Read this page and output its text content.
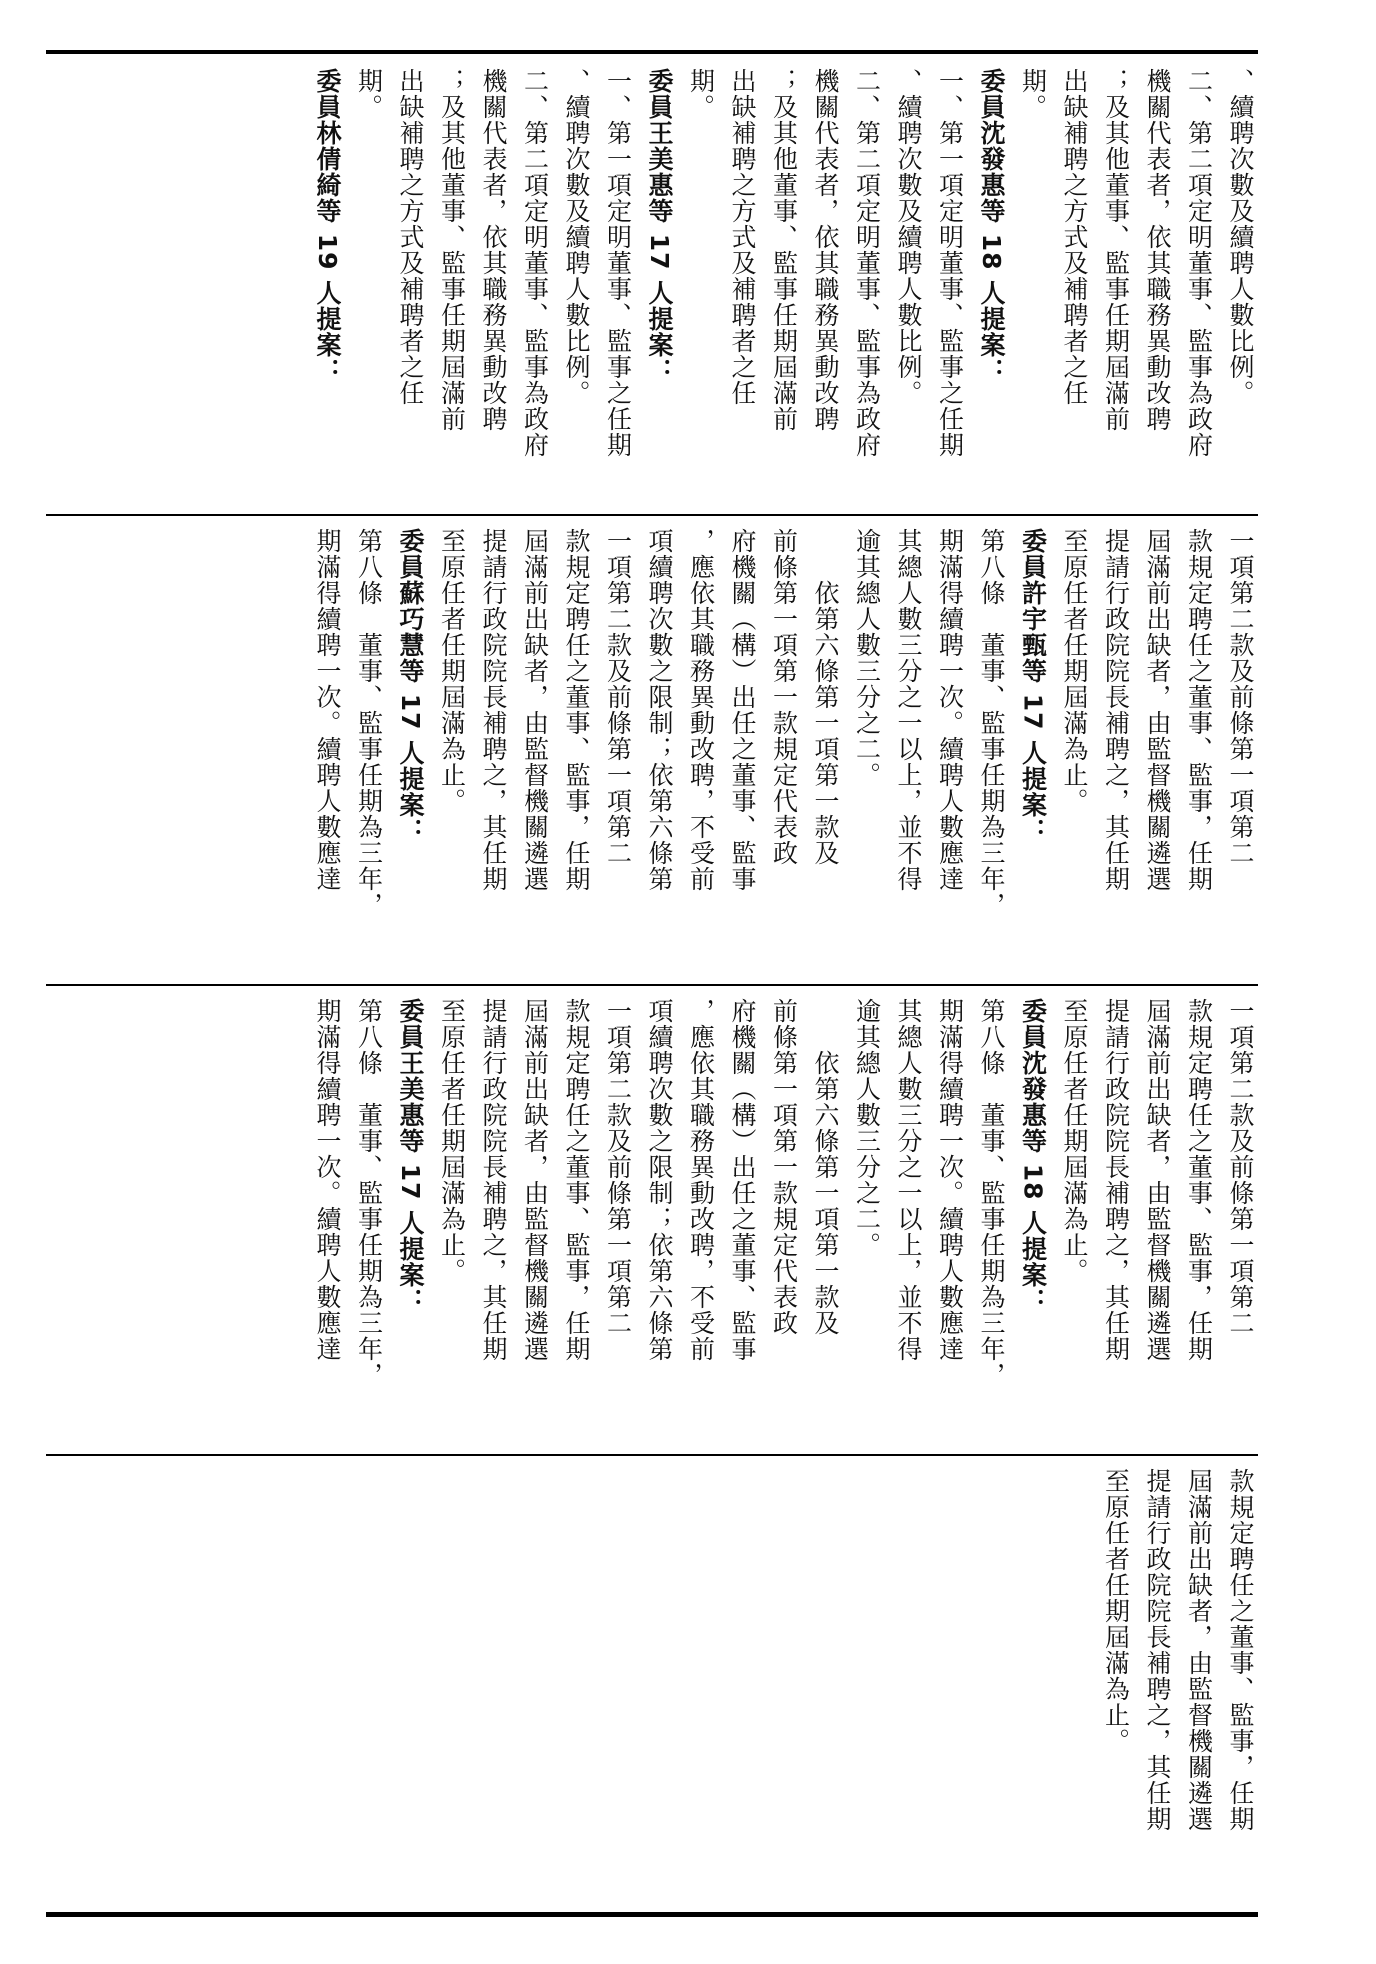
、續聘次數及續聘人數比例。
二、第二項定明董事、監事為政府
機關代表者，依其職務異動改聘
；及其他董事、監事任期屆滿前
出缺補聘之方式及補聘者之任
期。
委員沈發惠等 18 人提案：
一、第一項定明董事、監事之任期
、續聘次數及續聘人數比例。
二、第二項定明董事、監事為政府
機關代表者，依其職務異動改聘
；及其他董事、監事任期屆滿前
出缺補聘之方式及補聘者之任
期。
委員王美惠等 17 人提案：
一、第一項定明董事、監事之任期
、續聘次數及續聘人數比例。
二、第二項定明董事、監事為政府
機關代表者，依其職務異動改聘
；及其他董事、監事任期屆滿前
出缺補聘之方式及補聘者之任
期。
委員林倩綺等 19 人提案：
一項第二款及前條第一項第二
款規定聘任之董事、監事，任期
屆滿前出缺者，由監督機關遴選
提請行政院院長補聘之，其任期
至原任者任期屆滿為止。
委員許宇甄等 17 人提案：
第八條　董事、監事任期為三年，
期滿得續聘一次。續聘人數應達
其總人數三分之一以上，並不得
逾其總人數三分之二。
　　依第六條第一項第一款及
前條第一項第一款規定代表政
府機關（構）出任之董事、監事
，應依其職務異動改聘，不受前
項續聘次數之限制；依第六條第
一項第二款及前條第一項第二
款規定聘任之董事、監事，任期
屆滿前出缺者，由監督機關遴選
提請行政院院長補聘之，其任期
至原任者任期屆滿為止。
委員蘇巧慧等 17 人提案：
第八條　董事、監事任期為三年，
期滿得續聘一次。續聘人數應達
一項第二款及前條第一項第二
款規定聘任之董事、監事，任期
屆滿前出缺者，由監督機關遴選
提請行政院院長補聘之，其任期
至原任者任期屆滿為止。
委員沈發惠等 18 人提案：
第八條　董事、監事任期為三年，
期滿得續聘一次。續聘人數應達
其總人數三分之一以上，並不得
逾其總人數三分之二。
　　依第六條第一項第一款及
前條第一項第一款規定代表政
府機關（構）出任之董事、監事
，應依其職務異動改聘，不受前
項續聘次數之限制；依第六條第
一項第二款及前條第一項第二
款規定聘任之董事、監事，任期
屆滿前出缺者，由監督機關遴選
提請行政院院長補聘之，其任期
至原任者任期屆滿為止。
委員王美惠等 17 人提案：
第八條　董事、監事任期為三年，
期滿得續聘一次。續聘人數應達
款規定聘任之董事、監事，任期
屆滿前出缺者，由監督機關遴選
提請行政院院長補聘之，其任期
至原任者任期屆滿為止。
